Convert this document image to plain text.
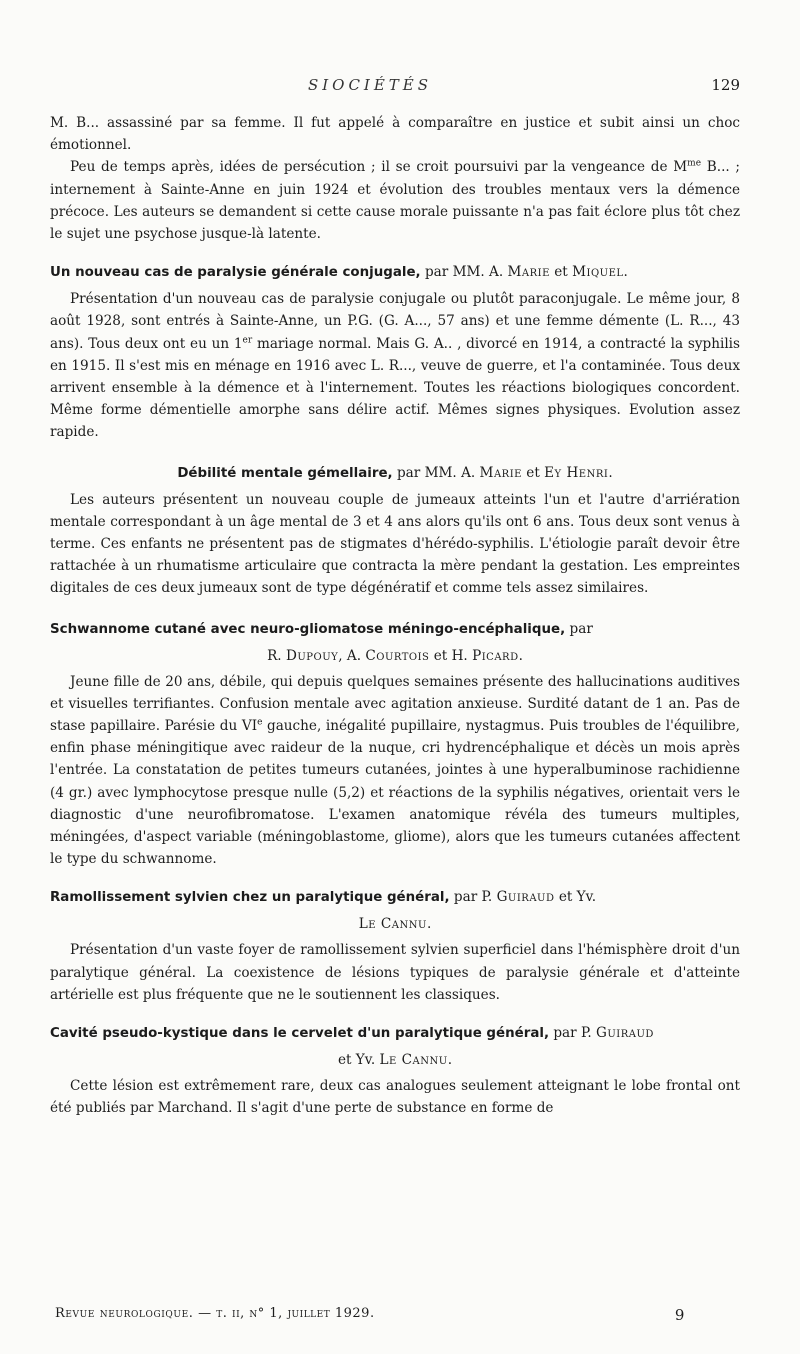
SIOCIÉTÉS	129

M. B... assassiné par sa femme. Il fut appelé à comparaître en justice et subit ainsi un choc émotionnel.

Peu de temps après, idées de persécution ; il se croit poursuivi par la vengeance de $M^{me}$ B... ; internement à Sainte-Anne en juin 1924 et évolution des troubles mentaux vers la démence précoce. Les auteurs se demandent si cette cause morale puissante n'a pas fait éclore plus tôt chez le sujet une psychose jusque-là latente.

Un nouveau cas de paralysie générale conjugale, par MM. A. Marie et Miquel.

Présentation d'un nouveau cas de paralysie conjugale ou plutôt paraconjugale. Le même jour, 8 août 1928, sont entrés à Sainte-Anne, un P.G. (G. A..., 57 ans) et une femme démente (L. R..., 43 ans). Tous deux ont eu un 1er mariage normal. Mais G. A.. , divorcé en 1914, a contracté la syphilis en 1915. Il s'est mis en ménage en 1916 avec L. R..., veuve de guerre, et l'a contaminée. Tous deux arrivent ensemble à la démence et à l'internement. Toutes les réactions biologiques concordent. Même forme démentielle amorphe sans délire actif. Mêmes signes physiques. Evolution assez rapide.

Débilité mentale gémellaire, par MM. A. Marie et Ey Henri.

Les auteurs présentent un nouveau couple de jumeaux atteints l'un et l'autre d'arriération mentale correspondant à un âge mental de 3 et 4 ans alors qu'ils ont 6 ans. Tous deux sont venus à terme. Ces enfants ne présentent pas de stigmates d'hérédo-syphilis. L'étiologie paraît devoir être rattachée à un rhumatisme articulaire que contracta la mère pendant la gestation. Les empreintes digitales de ces deux jumeaux sont de type dégénératif et comme tels assez similaires.

Schwannome cutané avec neuro-gliomatose méningo-encéphalique, par
R. Dupouy, A. Courtois et H. Picard.

Jeune fille de 20 ans, débile, qui depuis quelques semaines présente des hallucinations auditives et visuelles terrifiantes. Confusion mentale avec agitation anxieuse. Surdité datant de 1 an. Pas de stase papillaire. Parésie du VIe gauche, inégalité pupillaire, nystagmus. Puis troubles de l'équilibre, enfin phase méningitique avec raideur de la nuque, cri hydrencéphalique et décès un mois après l'entrée. La constatation de petites tumeurs cutanées, jointes à une hyperalbuminose rachidienne (4 gr.) avec lymphocytose presque nulle (5,2) et réactions de la syphilis négatives, orientait vers le diagnostic d'une neurofibromatose. L'examen anatomique révéla des tumeurs multiples, méningées, d'aspect variable (méningoblastome, gliome), alors que les tumeurs cutanées affectent le type du schwannome.

Ramollissement sylvien chez un paralytique général, par P. Guiraud et Yv.
Le Cannu.

Présentation d'un vaste foyer de ramollissement sylvien superficiel dans l'hémisphère droit d'un paralytique général. La coexistence de lésions typiques de paralysie générale et d'atteinte artérielle est plus fréquente que ne le soutiennent les classiques.

Cavité pseudo-kystique dans le cervelet d'un paralytique général, par P. Guiraud
et Yv. Le Cannu.

Cette lésion est extrêmement rare, deux cas analogues seulement atteignant le lobe frontal ont été publiés par Marchand. Il s'agit d'une perte de substance en forme de

Revue neurologique. — t. ii, n° 1, juillet 1929.	9
